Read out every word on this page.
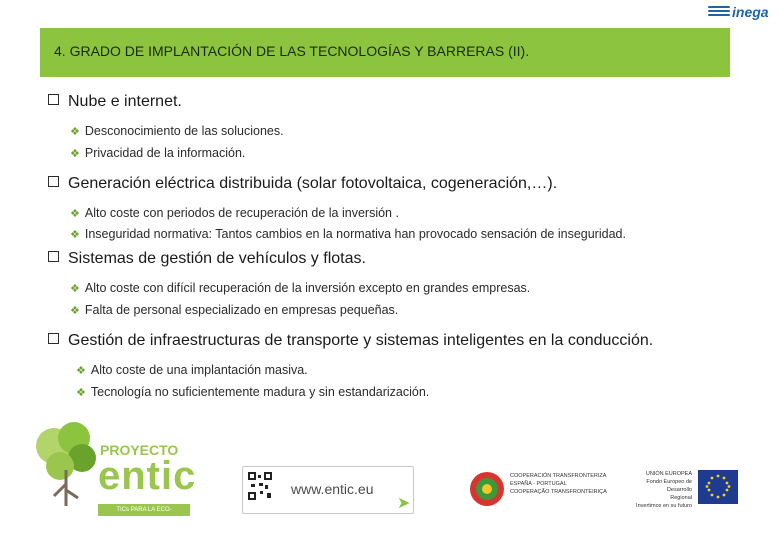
inega
4. GRADO DE IMPLANTACIÓN DE LAS TECNOLOGÍAS Y BARRERAS (II).
Nube e internet.
❖ Desconocimiento de las soluciones.
❖ Privacidad de la información.
Generación eléctrica distribuida (solar fotovoltaica, cogeneración,…).
❖ Alto coste con periodos de recuperación de la inversión .
❖ Inseguridad normativa: Tantos cambios en la normativa han provocado sensación de inseguridad.
Sistemas de gestión de vehículos y flotas.
❖ Alto coste con difícil recuperación de la inversión excepto en grandes empresas.
❖ Falta de personal especializado en empresas pequeñas.
Gestión de infraestructuras de transporte y sistemas inteligentes en la conducción.
❖ Alto coste de una implantación masiva.
❖ Tecnología no suficientemente madura y sin estandarización.
PROYECTO
entic
TICs PARA LA ECO-COMPETITIVIDADE
www.entic.eu
➤
COOPERACIÓN TRANSFRONTERIZA
ESPAÑA - PORTUGAL
COOPERAÇÃO TRANSFRONTEIRIÇA
UNIÓN EUROPEA
Fondo Europeo de Desarrollo
Regional
Invertimos en su futuro
